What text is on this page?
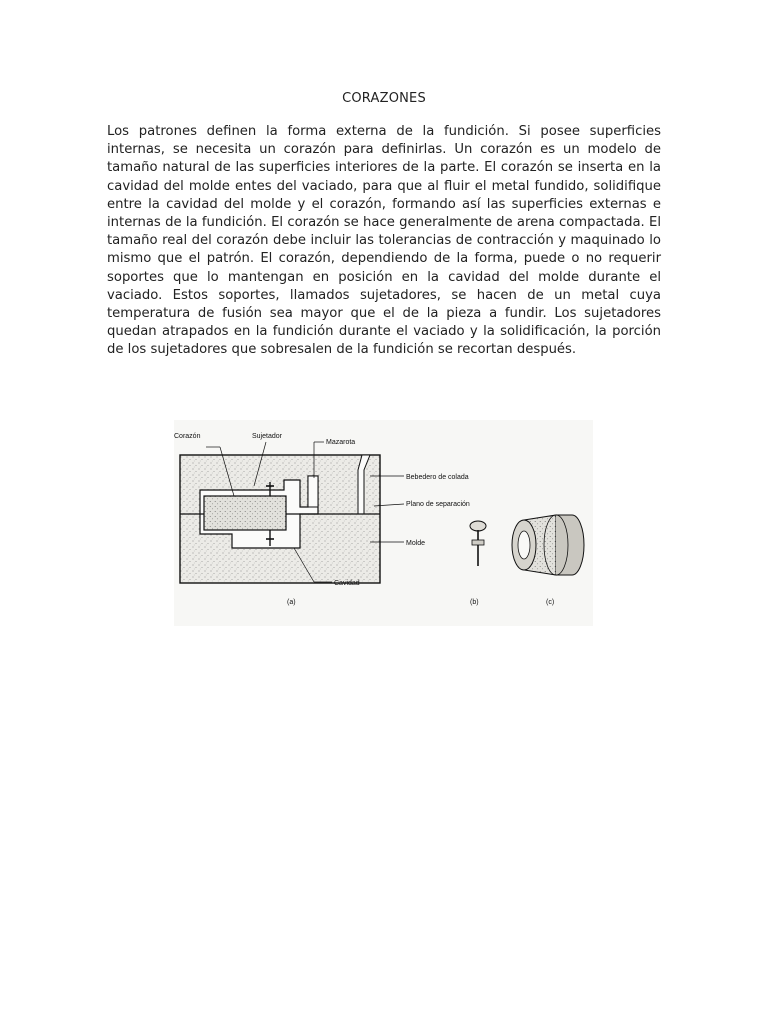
CORAZONES

Los patrones definen la forma externa de la fundición. Si posee superficies internas, se necesita un corazón para definirlas. Un corazón es un modelo de tamaño natural de las superficies interiores de la parte. El corazón se inserta en la cavidad del molde entes del vaciado, para que al fluir el metal fundido, solidifique entre la cavidad del molde y el corazón, formando así las superficies externas e internas de la fundición. El corazón se hace generalmente de arena compactada. El tamaño real del corazón debe incluir las tolerancias de contracción y maquinado lo mismo que el patrón. El corazón, dependiendo de la forma, puede o no requerir soportes que lo mantengan en posición en la cavidad del molde durante el vaciado. Estos soportes, llamados sujetadores, se hacen de un metal cuya temperatura de fusión sea mayor que el de la pieza a fundir. Los sujetadores quedan atrapados en la fundición durante el vaciado y la solidificación, la porción de los sujetadores que sobresalen de la fundición se recortan después.

Corazón	Sujetador
Mazarota
Bebedero de colada
Plano de separación
Molde
Cavidad
(a)	(b)	(c)
